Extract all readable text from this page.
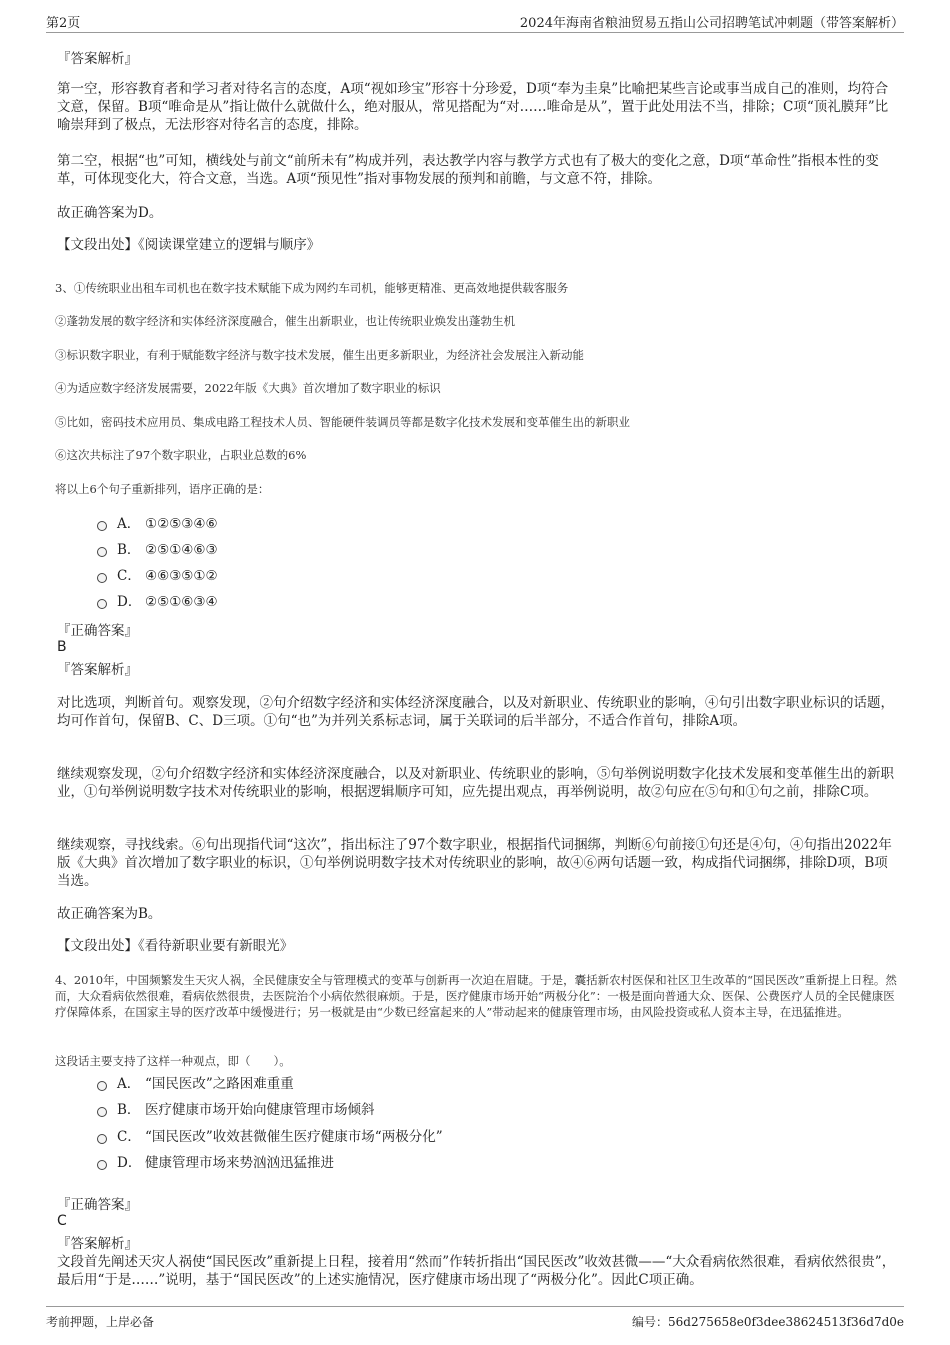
第2页	2024年海南省粮油贸易五指山公司招聘笔试冲刺题（带答案解析）
『答案解析』
第一空，形容教育者和学习者对待名言的态度，A项“视如珍宝”形容十分珍爱，D项“奉为圭臬”比喻把某些言论或事当成自己的准则，均符合文意，保留。B项“唯命是从”指让做什么就做什么，绝对服从，常见搭配为“对……唯命是从”，置于此处用法不当，排除；C项“顶礼膜拜”比喻崇拜到了极点，无法形容对待名言的态度，排除。
第二空，根据“也”可知，横线处与前文“前所未有”构成并列，表达教学内容与教学方式也有了极大的变化之意，D项“革命性”指根本性的变革，可体现变化大，符合文意，当选。A项“预见性”指对事物发展的预判和前瞻，与文意不符，排除。
故正确答案为D。
【文段出处】《阅读课堂建立的逻辑与顺序》
3、①传统职业出租车司机也在数字技术赋能下成为网约车司机，能够更精准、更高效地提供载客服务
②蓬勃发展的数字经济和实体经济深度融合，催生出新职业，也让传统职业焕发出蓬勃生机
③标识数字职业，有利于赋能数字经济与数字技术发展，催生出更多新职业，为经济社会发展注入新动能
④为适应数字经济发展需要，2022年版《大典》首次增加了数字职业的标识
⑤比如，密码技术应用员、集成电路工程技术人员、智能硬件装调员等都是数字化技术发展和变革催生出的新职业
⑥这次共标注了97个数字职业，占职业总数的6%
将以上6个句子重新排列，语序正确的是：
A． ①②⑤③④⑥
B． ②⑤①④⑥③
C． ④⑥③⑤①②
D． ②⑤①⑥③④
『正确答案』
B
『答案解析』
对比选项，判断首句。观察发现，②句介绍数字经济和实体经济深度融合，以及对新职业、传统职业的影响，④句引出数字职业标识的话题，均可作首句，保留B、C、D三项。①句“也”为并列关系标志词，属于关联词的后半部分，不适合作首句，排除A项。
继续观察发现，②句介绍数字经济和实体经济深度融合，以及对新职业、传统职业的影响，⑤句举例说明数字化技术发展和变革催生出的新职业，①句举例说明数字技术对传统职业的影响，根据逻辑顺序可知，应先提出观点，再举例说明，故②句应在⑤句和①句之前，排除C项。
继续观察，寻找线索。⑥句出现指代词“这次”，指出标注了97个数字职业，根据指代词捆绑，判断⑥句前接①句还是④句，④句指出2022年版《大典》首次增加了数字职业的标识，①句举例说明数字技术对传统职业的影响，故④⑥两句话题一致，构成指代词捆绑，排除D项，B项当选。
故正确答案为B。
【文段出处】《看待新职业要有新眼光》
4、2010年，中国频繁发生天灾人祸，全民健康安全与管理模式的变革与创新再一次迫在眉睫。于是，囊括新农村医保和社区卫生改革的“国民医改”重新提上日程。然而，大众看病依然很难，看病依然很贵，去医院治个小病依然很麻烦。于是，医疗健康市场开始“两极分化”：一极是面向普通大众、医保、公费医疗人员的全民健康医疗保障体系，在国家主导的医疗改革中缓慢进行；另一极就是由“少数已经富起来的人”带动起来的健康管理市场，由风险投资或私人资本主导，在迅猛推进。
这段话主要支持了这样一种观点，即（　　）。
A． “国民医改”之路困难重重
B． 医疗健康市场开始向健康管理市场倾斜
C． “国民医改”收效甚微催生医疗健康市场“两极分化”
D． 健康管理市场来势汹汹迅猛推进
『正确答案』
C
『答案解析』
文段首先阐述天灾人祸使“国民医改”重新提上日程，接着用“然而”作转折指出“国民医改”收效甚微——“大众看病依然很难，看病依然很贵”，最后用“于是……”说明，基于“国民医改”的上述实施情况，医疗健康市场出现了“两极分化”。因此C项正确。
考前押题，上岸必备	编号：56d275658e0f3dee38624513f36d7d0e
